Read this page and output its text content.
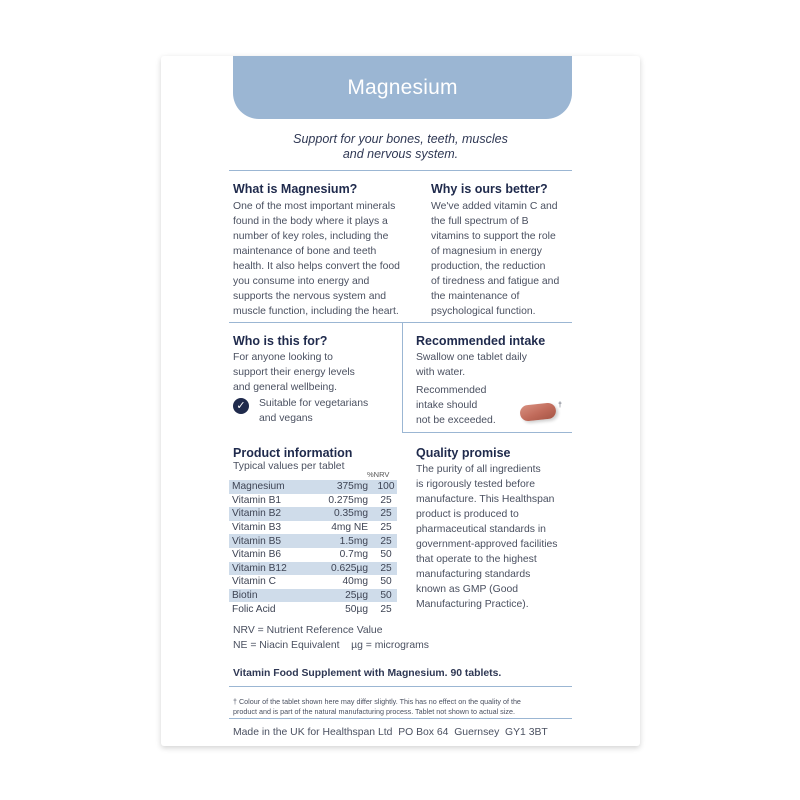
Magnesium
Support for your bones, teeth, muscles
and nervous system.
What is Magnesium?
One of the most important minerals
found in the body where it plays a
number of key roles, including the
maintenance of bone and teeth
health. It also helps convert the food
you consume into energy and
supports the nervous system and
muscle function, including the heart.
Why is ours better?
We've added vitamin C and
the full spectrum of B
vitamins to support the role
of magnesium in energy
production, the reduction
of tiredness and fatigue and
the maintenance of
psychological function.
Who is this for?
For anyone looking to
support their energy levels
and general wellbeing.
✓	Suitable for vegetarians
and vegans
Recommended intake
Swallow one tablet daily
with water.
Recommended
intake should
not be exceeded.
†
Product information
Typical values per tablet
%NRV
Magnesium	375mg	100
Vitamin B1	0.275mg	25
Vitamin B2	0.35mg	25
Vitamin B3	4mg NE	25
Vitamin B5	1.5mg	25
Vitamin B6	0.7mg	50
Vitamin B12	0.625µg	25
Vitamin C	40mg	50
Biotin	25µg	50
Folic Acid	50µg	25
NRV = Nutrient Reference Value
NE = Niacin Equivalent    µg = micrograms
Quality promise
The purity of all ingredients
is rigorously tested before
manufacture. This Healthspan
product is produced to
pharmaceutical standards in
government-approved facilities
that operate to the highest
manufacturing standards
known as GMP (Good
Manufacturing Practice).
Vitamin Food Supplement with Magnesium. 90 tablets.
† Colour of the tablet shown here may differ slightly. This has no effect on the quality of the
product and is part of the natural manufacturing process. Tablet not shown to actual size.
Made in the UK for Healthspan Ltd  PO Box 64  Guernsey  GY1 3BT
